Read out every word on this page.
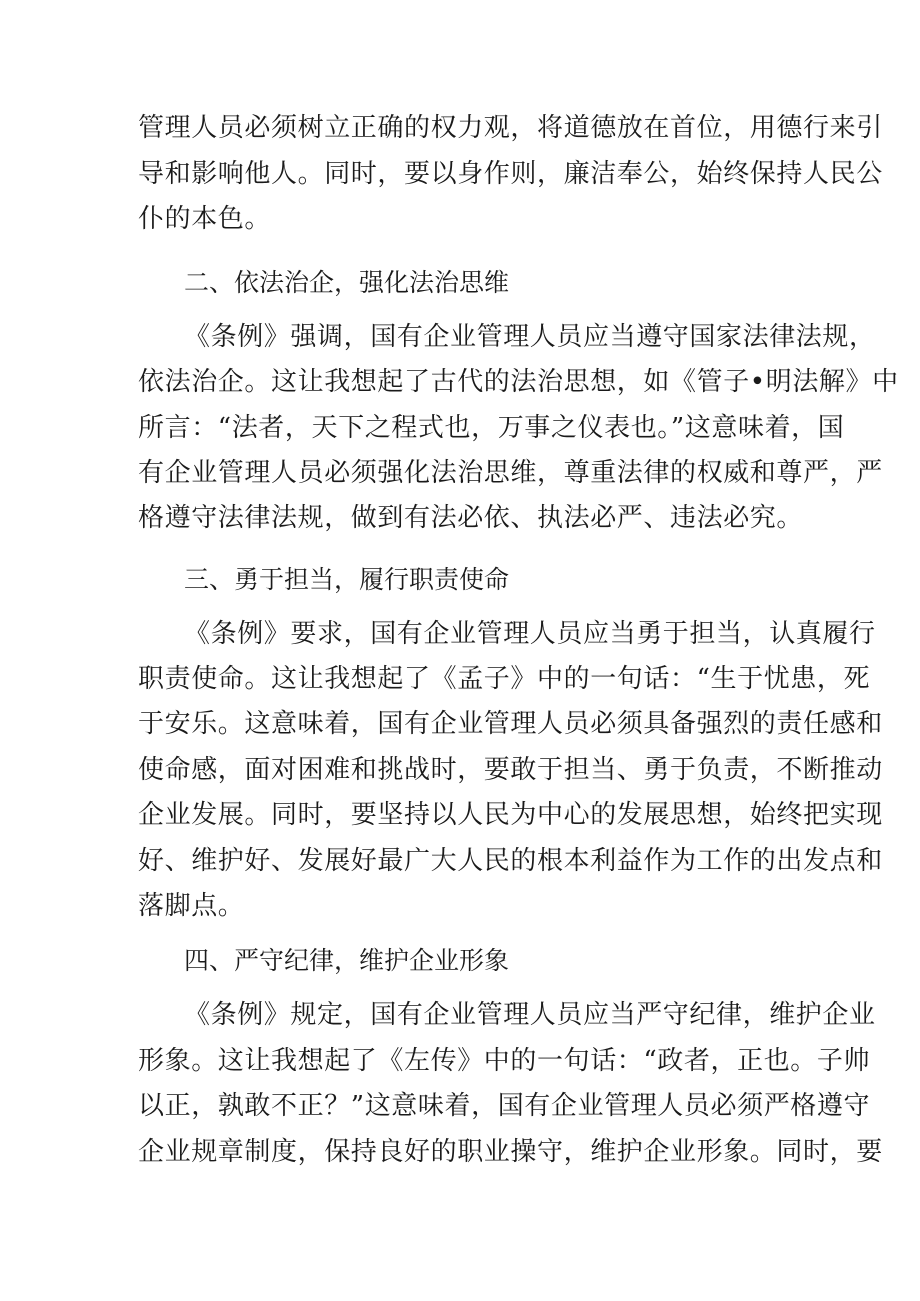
管理人员必须树立正确的权力观，将道德放在首位，用德行来引
导和影响他人。同时，要以身作则，廉洁奉公，始终保持人民公
仆的本色。
二、依法治企，强化法治思维
《条例》强调，国有企业管理人员应当遵守国家法律法规，
依法治企。这让我想起了古代的法治思想，如《管子•明法解》中
所言：“法者，天下之程式也，万事之仪表也。”这意味着，国
有企业管理人员必须强化法治思维，尊重法律的权威和尊严，严
格遵守法律法规，做到有法必依、执法必严、违法必究。
三、勇于担当，履行职责使命
《条例》要求，国有企业管理人员应当勇于担当，认真履行
职责使命。这让我想起了《孟子》中的一句话：“生于忧患，死
于安乐。这意味着，国有企业管理人员必须具备强烈的责任感和
使命感，面对困难和挑战时，要敢于担当、勇于负责，不断推动
企业发展。同时，要坚持以人民为中心的发展思想，始终把实现
好、维护好、发展好最广大人民的根本利益作为工作的出发点和
落脚点。
四、严守纪律，维护企业形象
《条例》规定，国有企业管理人员应当严守纪律，维护企业
形象。这让我想起了《左传》中的一句话：“政者，正也。子帅
以正，孰敢不正？”这意味着，国有企业管理人员必须严格遵守
企业规章制度，保持良好的职业操守，维护企业形象。同时，要
